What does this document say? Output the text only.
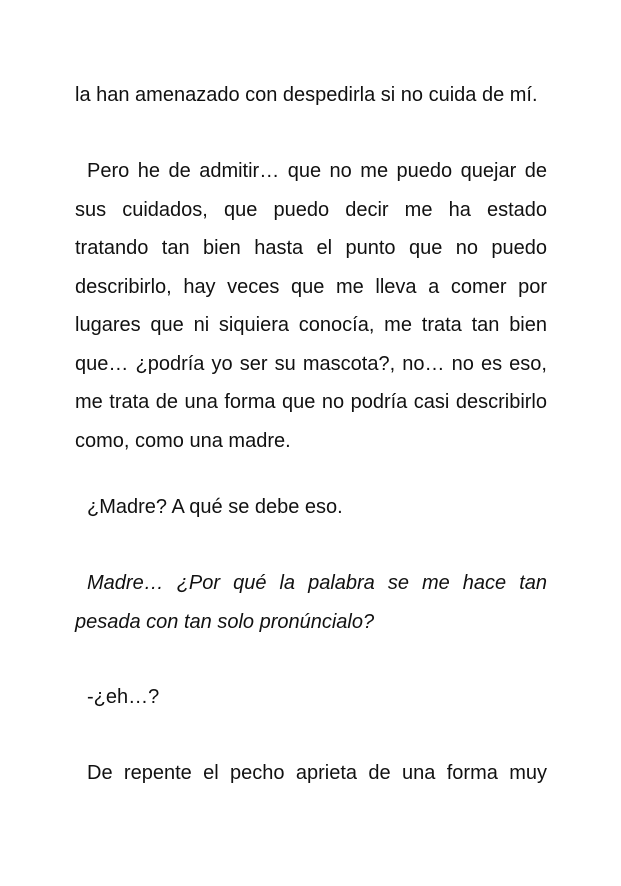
la han amenazado con despedirla si no cuida de mí.

Pero he de admitir… que no me puedo quejar de sus cuidados, que puedo decir me ha estado tratando tan bien hasta el punto que no puedo describirlo, hay veces que me lleva a comer por lugares que ni siquiera conocía, me trata tan bien que… ¿podría yo ser su mascota?, no… no es eso, me trata de una forma que no podría casi describirlo como, como una madre.

¿Madre? A qué se debe eso.

Madre… ¿Por qué la palabra se me hace tan pesada con tan solo pronúncialo?

-¿eh…?

De repente el pecho aprieta de una forma muy
